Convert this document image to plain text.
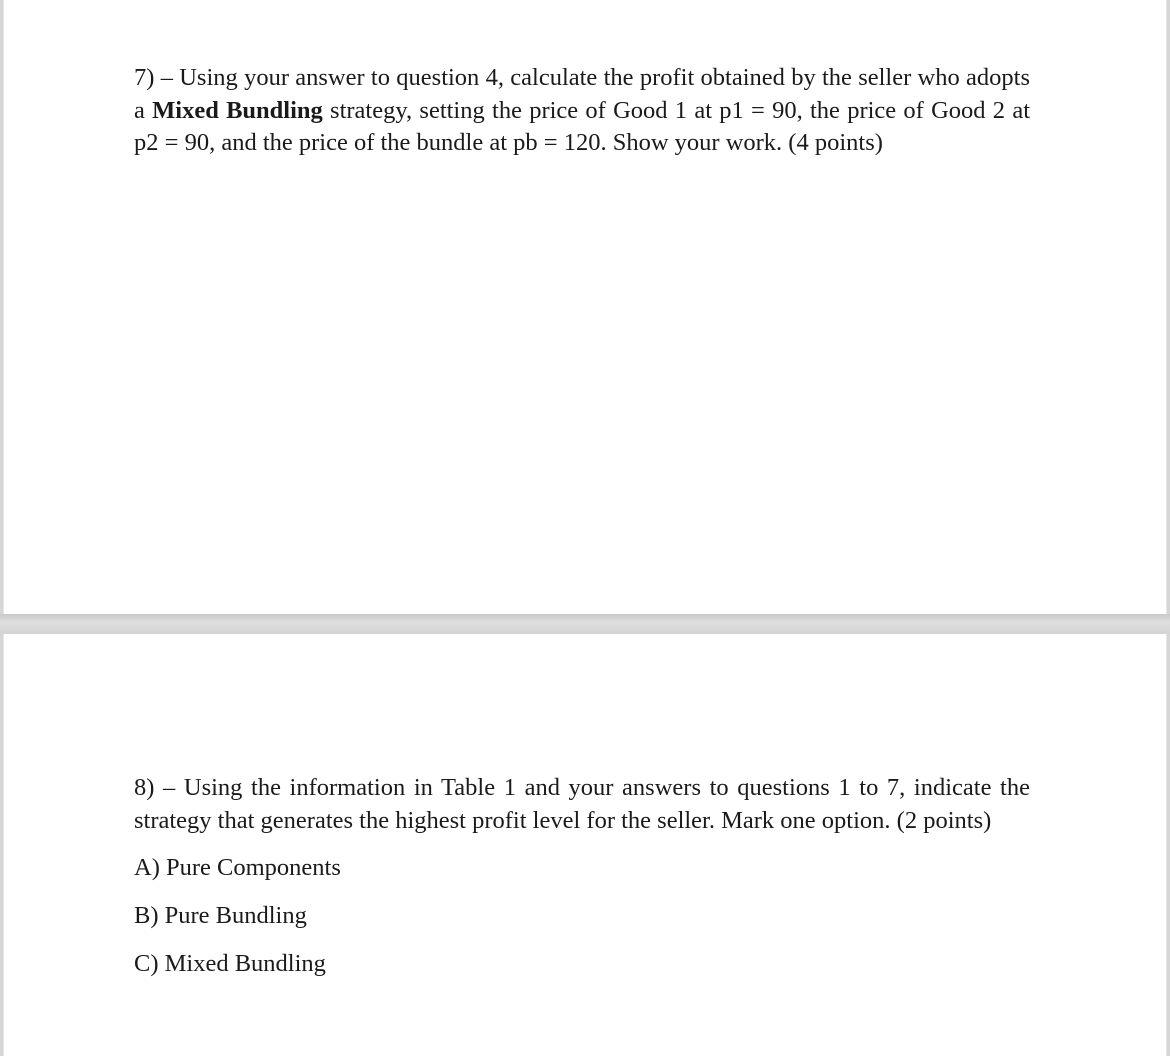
7) – Using your answer to question 4, calculate the profit obtained by the seller who adopts a Mixed Bundling strategy, setting the price of Good 1 at p1 = 90, the price of Good 2 at p2 = 90, and the price of the bundle at pb = 120. Show your work. (4 points)

8) – Using the information in Table 1 and your answers to questions 1 to 7, indicate the strategy that generates the highest profit level for the seller. Mark one option. (2 points)

A) Pure Components
B) Pure Bundling
C) Mixed Bundling
